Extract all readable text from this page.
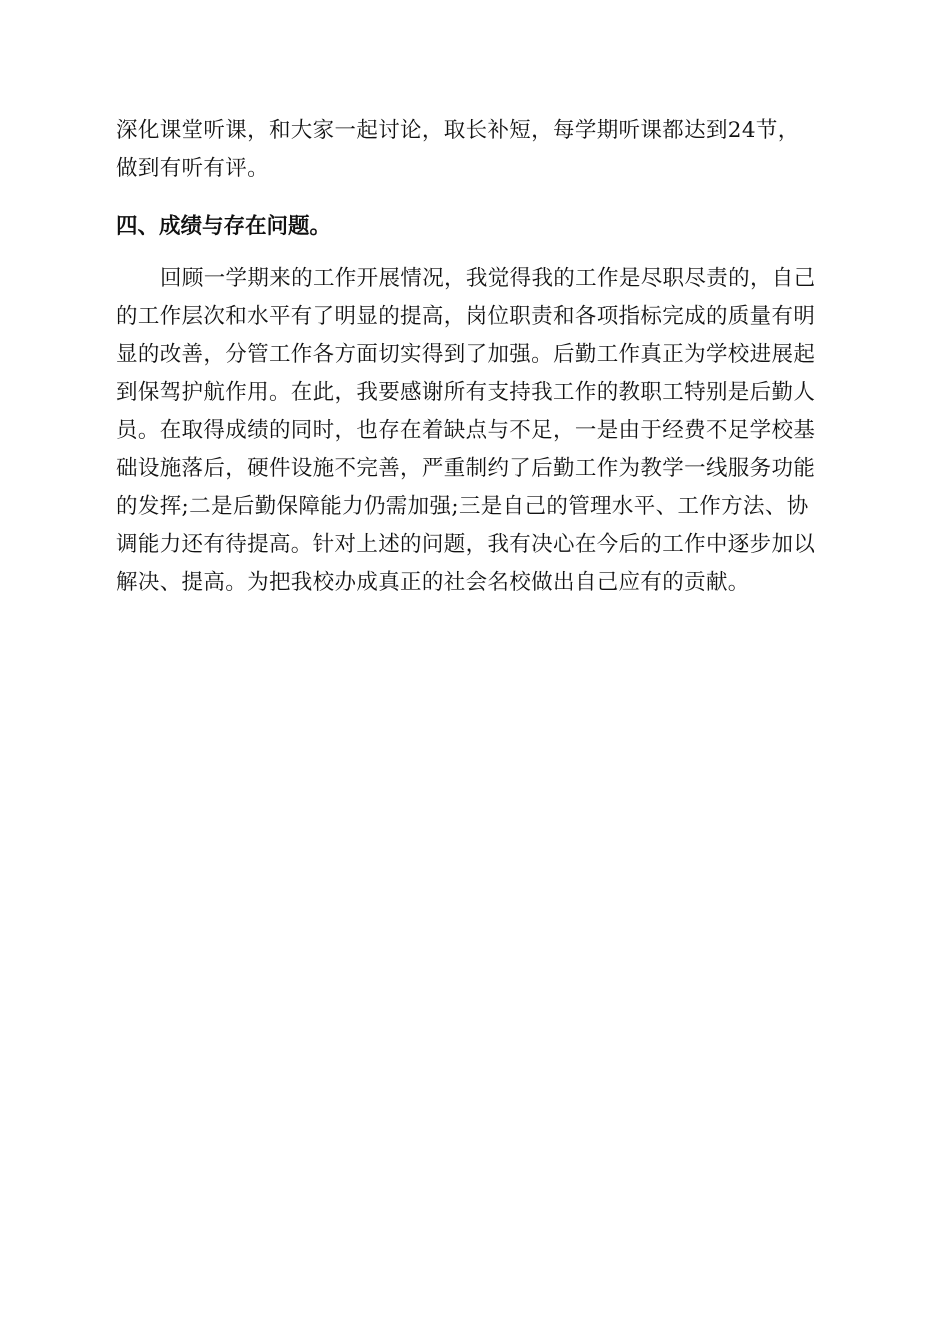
深化课堂听课，和大家一起讨论，取长补短，每学期听课都达到24节，
做到有听有评。
四、成绩与存在问题。
回顾一学期来的工作开展情况，我觉得我的工作是尽职尽责的，自己
的工作层次和水平有了明显的提高，岗位职责和各项指标完成的质量有明
显的改善，分管工作各方面切实得到了加强。后勤工作真正为学校进展起
到保驾护航作用。在此，我要感谢所有支持我工作的教职工特别是后勤人
员。在取得成绩的同时，也存在着缺点与不足，一是由于经费不足学校基
础设施落后，硬件设施不完善，严重制约了后勤工作为教学一线服务功能
的发挥;二是后勤保障能力仍需加强;三是自己的管理水平、工作方法、协
调能力还有待提高。针对上述的问题，我有决心在今后的工作中逐步加以
解决、提高。为把我校办成真正的社会名校做出自己应有的贡献。
